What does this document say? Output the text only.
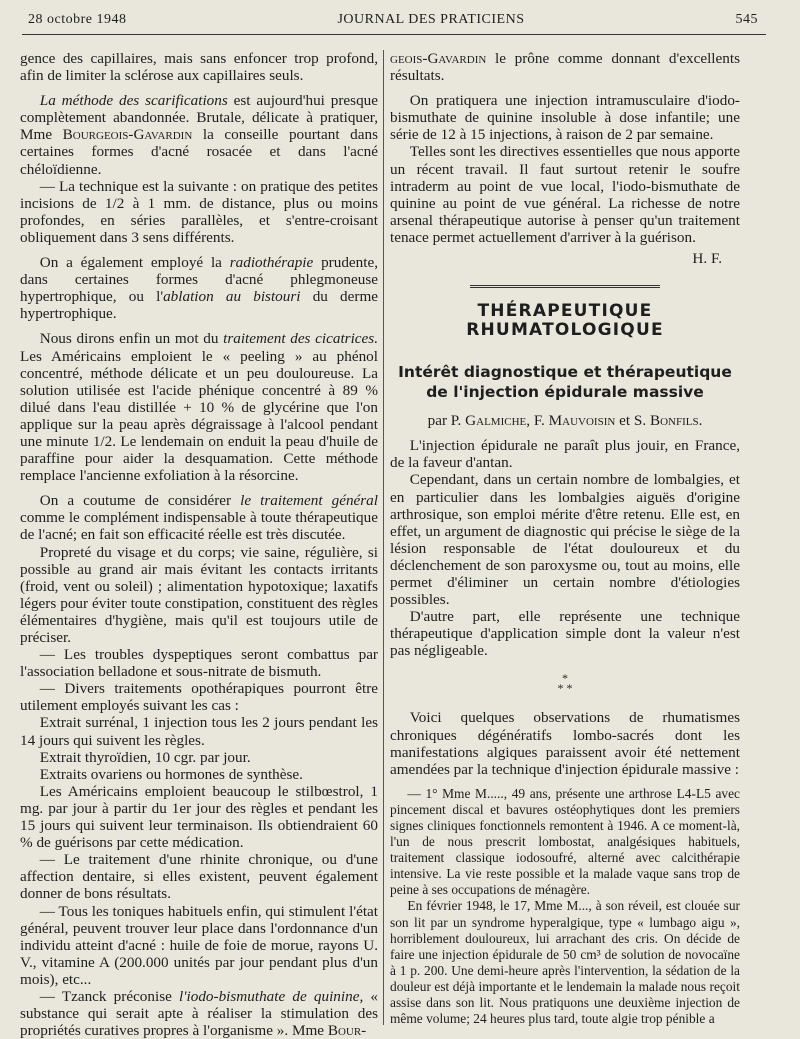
28 octobre 1948	JOURNAL DES PRATICIENS	545

gence des capillaires, mais sans enfoncer trop profond, afin de limiter la sclérose aux capillaires seuls.

La méthode des scarifications est aujourd'hui presque complètement abandonnée. Brutale, délicate à pratiquer, Mme Bourgeois-Gavardin la conseille pourtant dans certaines formes d'acné rosacée et dans l'acné chéloïdienne.

— La technique est la suivante : on pratique des petites incisions de 1/2 à 1 mm. de distance, plus ou moins profondes, en séries parallèles, et s'entre-croisant obliquement dans 3 sens différents.

On a également employé la radiothérapie prudente, dans certaines formes d'acné phlegmoneuse hypertrophique, ou l'ablation au bistouri du derme hypertrophique.

Nous dirons enfin un mot du traitement des cicatrices. Les Américains emploient le « peeling » au phénol concentré, méthode délicate et un peu douloureuse. La solution utilisée est l'acide phénique concentré à 89 % dilué dans l'eau distillée + 10 % de glycérine que l'on applique sur la peau après dégraissage à l'alcool pendant une minute 1/2. Le lendemain on enduit la peau d'huile de paraffine pour aider la desquamation. Cette méthode remplace l'ancienne exfoliation à la résorcine.

On a coutume de considérer le traitement général comme le complément indispensable à toute thérapeutique de l'acné; en fait son efficacité réelle est très discutée.

Propreté du visage et du corps; vie saine, régulière, si possible au grand air mais évitant les contacts irritants (froid, vent ou soleil) ; alimentation hypotoxique; laxatifs légers pour éviter toute constipation, constituent des règles élémentaires d'hygiène, mais qu'il est toujours utile de préciser.

— Les troubles dyspeptiques seront combattus par l'association belladone et sous-nitrate de bismuth.

— Divers traitements opothérapiques pourront être utilement employés suivant les cas :

Extrait surrénal, 1 injection tous les 2 jours pendant les 14 jours qui suivent les règles.

Extrait thyroïdien, 10 cgr. par jour.

Extraits ovariens ou hormones de synthèse.

Les Américains emploient beaucoup le stilbœstrol, 1 mg. par jour à partir du 1er jour des règles et pendant les 15 jours qui suivent leur terminaison. Ils obtiendraient 60 % de guérisons par cette médication.

— Le traitement d'une rhinite chronique, ou d'une affection dentaire, si elles existent, peuvent également donner de bons résultats.

— Tous les toniques habituels enfin, qui stimulent l'état général, peuvent trouver leur place dans l'ordonnance d'un individu atteint d'acné : huile de foie de morue, rayons U. V., vitamine A (200.000 unités par jour pendant plus d'un mois), etc...

— Tzanck préconise l'iodo-bismuthate de quinine, « substance qui serait apte à réaliser la stimulation des propriétés curatives propres à l'organisme ». Mme Bour-

geois-Gavardin le prône comme donnant d'excellents résultats.

On pratiquera une injection intramusculaire d'iodo-bismuthate de quinine insoluble à dose infantile; une série de 12 à 15 injections, à raison de 2 par semaine.

Telles sont les directives essentielles que nous apporte un récent travail. Il faut surtout retenir le soufre intraderm au point de vue local, l'iodo-bismuthate de quinine au point de vue général. La richesse de notre arsenal thérapeutique autorise à penser qu'un traitement tenace permet actuellement d'arriver à la guérison.

H. F.

THÉRAPEUTIQUE
RHUMATOLOGIQUE
Intérêt diagnostique et thérapeutique
de l'injection épidurale massive

par P. Galmiche, F. Mauvoisin et S. Bonfils.

L'injection épidurale ne paraît plus jouir, en France, de la faveur d'antan.

Cependant, dans un certain nombre de lombalgies, et en particulier dans les lombalgies aiguës d'origine arthrosique, son emploi mérite d'être retenu. Elle est, en effet, un argument de diagnostic qui précise le siège de la lésion responsable de l'état douloureux et du déclenchement de son paroxysme ou, tout au moins, elle permet d'éliminer un certain nombre d'étiologies possibles.

D'autre part, elle représente une technique thérapeutique d'application simple dont la valeur n'est pas négligeable.

*
* *

Voici quelques observations de rhumatismes chroniques dégénératifs lombo-sacrés dont les manifestations algiques paraissent avoir été nettement amendées par la technique d'injection épidurale massive :

— 1° Mme M....., 49 ans, présente une arthrose L4-L5 avec pincement discal et bavures ostéophytiques dont les premiers signes cliniques fonctionnels remontent à 1946. A ce moment-là, l'un de nous prescrit lombostat, analgésiques habituels, traitement classique iodosoufré, alterné avec calcithérapie intensive. La vie reste possible et la malade vaque sans trop de peine à ses occupations de ménagère.

En février 1948, le 17, Mme M..., à son réveil, est clouée sur son lit par un syndrome hyperalgique, type « lumbago aigu », horriblement douloureux, lui arrachant des cris. On décide de faire une injection épidurale de 50 cm³ de solution de novocaïne à 1 p. 200. Une demi-heure après l'intervention, la sédation de la douleur est déjà importante et le lendemain la malade nous reçoit assise dans son lit. Nous pratiquons une deuxième injection de même volume; 24 heures plus tard, toute algie trop pénible a
